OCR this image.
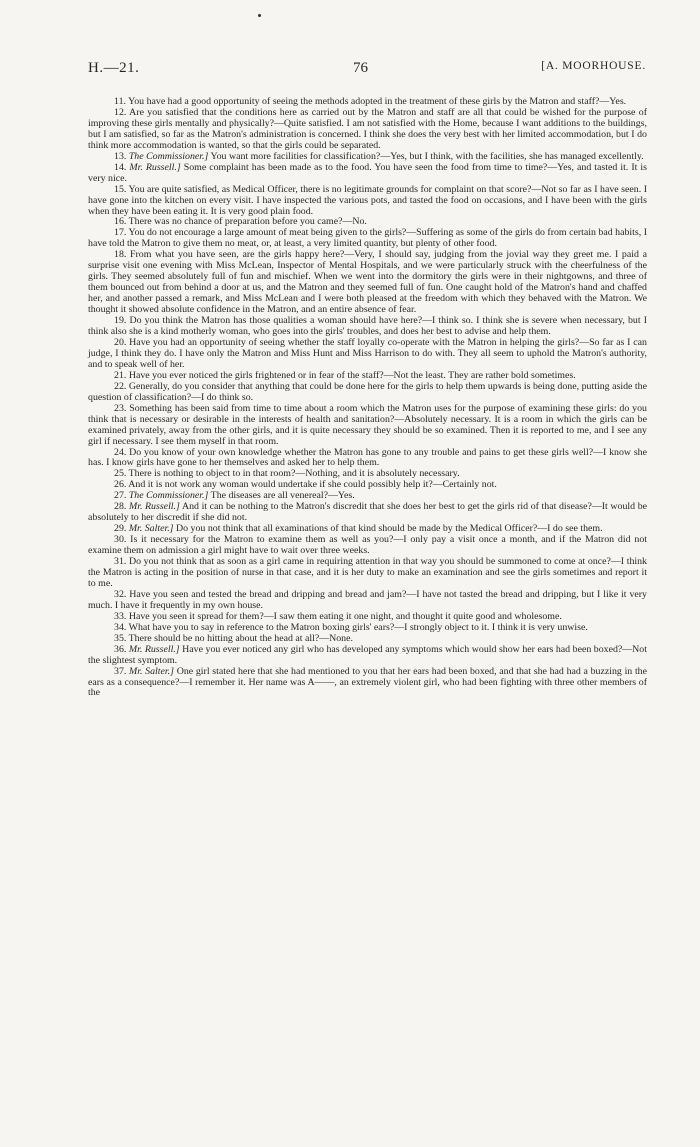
H.—21.	76	[A. MOORHOUSE.

11. You have had a good opportunity of seeing the methods adopted in the treatment of these girls by the Matron and staff?—Yes.

12. Are you satisfied that the conditions here as carried out by the Matron and staff are all that could be wished for the purpose of improving these girls mentally and physically?—Quite satisfied. I am not satisfied with the Home, because I want additions to the buildings, but I am satisfied, so far as the Matron's administration is concerned. I think she does the very best with her limited accommodation, but I do think more accommodation is wanted, so that the girls could be separated.

13. The Commissioner.] You want more facilities for classification?—Yes, but I think, with the facilities, she has managed excellently.

14. Mr. Russell.] Some complaint has been made as to the food. You have seen the food from time to time?—Yes, and tasted it. It is very nice.

15. You are quite satisfied, as Medical Officer, there is no legitimate grounds for complaint on that score?—Not so far as I have seen. I have gone into the kitchen on every visit. I have inspected the various pots, and tasted the food on occasions, and I have been with the girls when they have been eating it. It is very good plain food.

16. There was no chance of preparation before you came?—No.

17. You do not encourage a large amount of meat being given to the girls?—Suffering as some of the girls do from certain bad habits, I have told the Matron to give them no meat, or, at least, a very limited quantity, but plenty of other food.

18. From what you have seen, are the girls happy here?—Very, I should say, judging from the jovial way they greet me. I paid a surprise visit one evening with Miss McLean, Inspector of Mental Hospitals, and we were particularly struck with the cheerfulness of the girls. They seemed absolutely full of fun and mischief. When we went into the dormitory the girls were in their nightgowns, and three of them bounced out from behind a door at us, and the Matron and they seemed full of fun. One caught hold of the Matron's hand and chaffed her, and another passed a remark, and Miss McLean and I were both pleased at the freedom with which they behaved with the Matron. We thought it showed absolute confidence in the Matron, and an entire absence of fear.

19. Do you think the Matron has those qualities a woman should have here?—I think so. I think she is severe when necessary, but I think also she is a kind motherly woman, who goes into the girls' troubles, and does her best to advise and help them.

20. Have you had an opportunity of seeing whether the staff loyally co-operate with the Matron in helping the girls?—So far as I can judge, I think they do. I have only the Matron and Miss Hunt and Miss Harrison to do with. They all seem to uphold the Matron's authority, and to speak well of her.

21. Have you ever noticed the girls frightened or in fear of the staff?—Not the least. They are rather bold sometimes.

22. Generally, do you consider that anything that could be done here for the girls to help them upwards is being done, putting aside the question of classification?—I do think so.

23. Something has been said from time to time about a room which the Matron uses for the purpose of examining these girls: do you think that is necessary or desirable in the interests of health and sanitation?—Absolutely necessary. It is a room in which the girls can be examined privately, away from the other girls, and it is quite necessary they should be so examined. Then it is reported to me, and I see any girl if necessary. I see them myself in that room.

24. Do you know of your own knowledge whether the Matron has gone to any trouble and pains to get these girls well?—I know she has. I know girls have gone to her themselves and asked her to help them.

25. There is nothing to object to in that room?—Nothing, and it is absolutely necessary.

26. And it is not work any woman would undertake if she could possibly help it?—Certainly not.

27. The Commissioner.] The diseases are all venereal?—Yes.

28. Mr. Russell.] And it can be nothing to the Matron's discredit that she does her best to get the girls rid of that disease?—It would be absolutely to her discredit if she did not.

29. Mr. Salter.] Do you not think that all examinations of that kind should be made by the Medical Officer?—I do see them.

30. Is it necessary for the Matron to examine them as well as you?—I only pay a visit once a month, and if the Matron did not examine them on admission a girl might have to wait over three weeks.

31. Do you not think that as soon as a girl came in requiring attention in that way you should be summoned to come at once?—I think the Matron is acting in the position of nurse in that case, and it is her duty to make an examination and see the girls sometimes and report it to me.

32. Have you seen and tested the bread and dripping and bread and jam?—I have not tasted the bread and dripping, but I like it very much. I have it frequently in my own house.

33. Have you seen it spread for them?—I saw them eating it one night, and thought it quite good and wholesome.

34. What have you to say in reference to the Matron boxing girls' ears?—I strongly object to it. I think it is very unwise.

35. There should be no hitting about the head at all?—None.

36. Mr. Russell.] Have you ever noticed any girl who has developed any symptoms which would show her ears had been boxed?—Not the slightest symptom.

37. Mr. Salter.] One girl stated here that she had mentioned to you that her ears had been boxed, and that she had had a buzzing in the ears as a consequence?—I remember it. Her name was A——, an extremely violent girl, who had been fighting with three other members of the
